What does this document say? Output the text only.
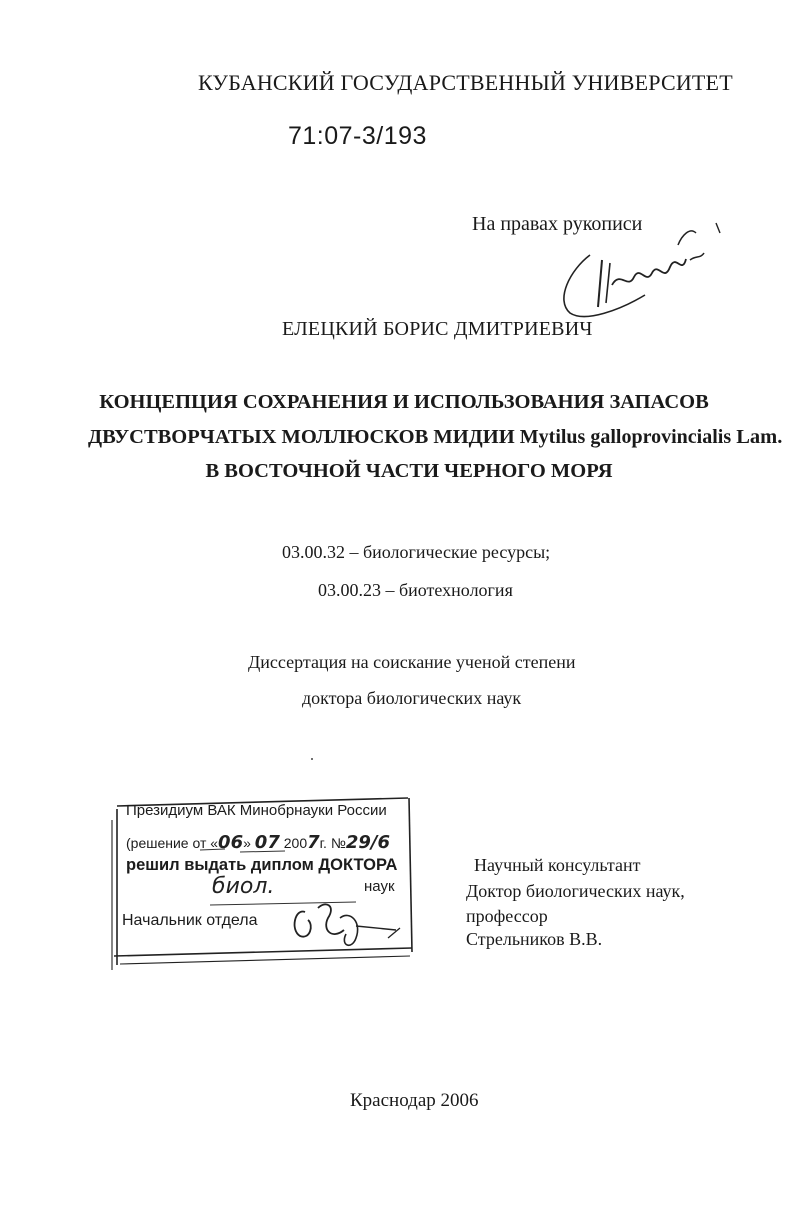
КУБАНСКИЙ ГОСУДАРСТВЕННЫЙ УНИВЕРСИТЕТ
71:07-3/193
На правах рукописи
ЕЛЕЦКИЙ БОРИС ДМИТРИЕВИЧ
КОНЦЕПЦИЯ СОХРАНЕНИЯ И ИСПОЛЬЗОВАНИЯ ЗАПАСОВ
ДВУСТВОРЧАТЫХ МОЛЛЮСКОВ МИДИИ Mytilus galloprovincialis Lam.
В ВОСТОЧНОЙ ЧАСТИ ЧЕРНОГО МОРЯ
03.00.32 – биологические ресурсы;
03.00.23 – биотехнология
Диссертация на соискание ученой степени
доктора биологических наук
Президиум ВАК Минобрнауки России
(решение от «06» 07 2007г. №29/6
решил выдать диплом ДОКТОРА
биол.	наук
Начальник отдела
Научный консультант
Доктор биологических наук,
профессор
Стрельников В.В.
Краснодар 2006
